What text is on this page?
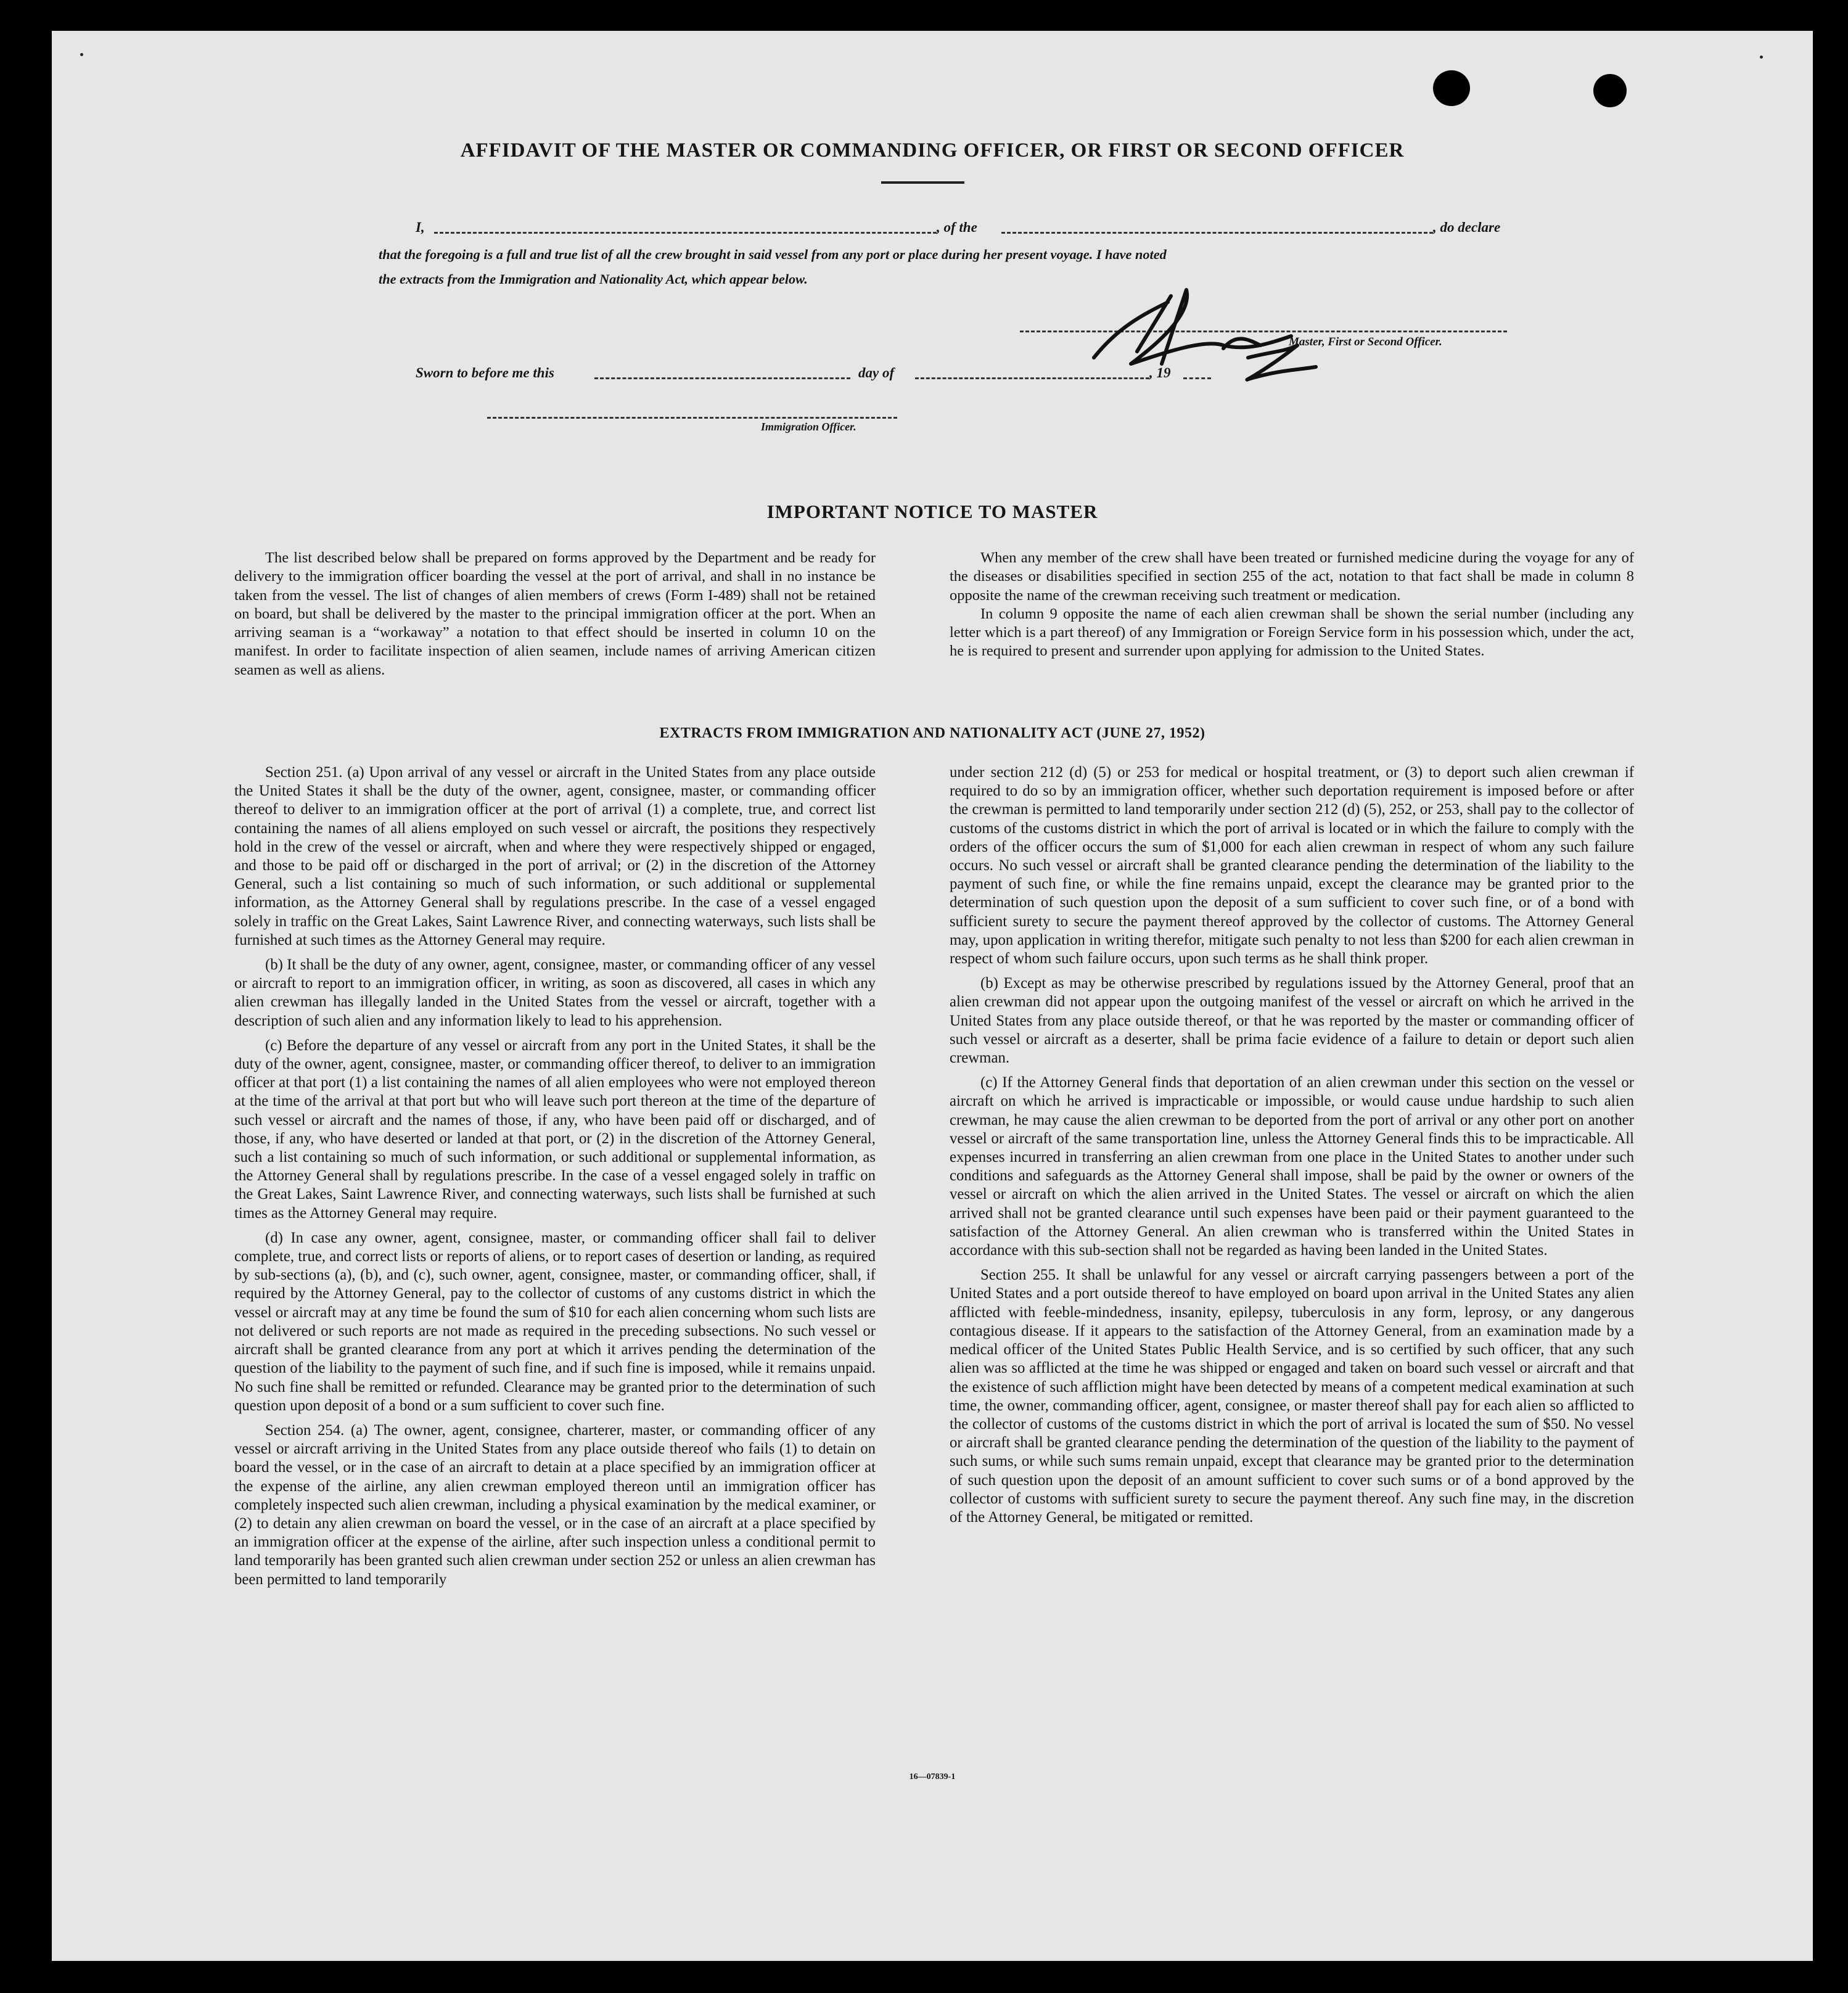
AFFIDAVIT OF THE MASTER OR COMMANDING OFFICER, OR FIRST OR SECOND OFFICER
I,	, of the	, do declare
that the foregoing is a full and true list of all the crew brought in said vessel from any port or place during her present voyage. I have noted
the extracts from the Immigration and Nationality Act, which appear below.
Master, First or Second Officer.
Sworn to before me this	day of	, 19
Immigration Officer.
IMPORTANT NOTICE TO MASTER

The list described below shall be prepared on forms approved by the Department and be ready for delivery to the immigration officer boarding the vessel at the port of arrival, and shall in no instance be taken from the vessel. The list of changes of alien members of crews (Form I-489) shall not be retained on board, but shall be delivered by the master to the principal immigration officer at the port. When an arriving seaman is a “workaway” a notation to that effect should be inserted in column 10 on the manifest. In order to facilitate inspection of alien seamen, include names of arriving American citizen seamen as well as aliens.

When any member of the crew shall have been treated or furnished medicine during the voyage for any of the diseases or disabilities specified in section 255 of the act, notation to that fact shall be made in column 8 opposite the name of the crewman receiving such treatment or medication.

In column 9 opposite the name of each alien crewman shall be shown the serial number (including any letter which is a part thereof) of any Immigration or Foreign Service form in his possession which, under the act, he is required to present and surrender upon applying for admission to the United States.

EXTRACTS FROM IMMIGRATION AND NATIONALITY ACT (JUNE 27, 1952)

Section 251. (a) Upon arrival of any vessel or aircraft in the United States from any place outside the United States it shall be the duty of the owner, agent, consignee, master, or commanding officer thereof to deliver to an immigration officer at the port of arrival (1) a complete, true, and correct list containing the names of all aliens employed on such vessel or aircraft, the positions they respectively hold in the crew of the vessel or aircraft, when and where they were respectively shipped or engaged, and those to be paid off or discharged in the port of arrival; or (2) in the discretion of the Attorney General, such a list containing so much of such information, or such additional or supplemental information, as the Attorney General shall by regulations prescribe. In the case of a vessel engaged solely in traffic on the Great Lakes, Saint Lawrence River, and connecting waterways, such lists shall be furnished at such times as the Attorney General may require.

(b) It shall be the duty of any owner, agent, consignee, master, or commanding officer of any vessel or aircraft to report to an immigration officer, in writing, as soon as discovered, all cases in which any alien crewman has illegally landed in the United States from the vessel or aircraft, together with a description of such alien and any information likely to lead to his apprehension.

(c) Before the departure of any vessel or aircraft from any port in the United States, it shall be the duty of the owner, agent, consignee, master, or commanding officer thereof, to deliver to an immigration officer at that port (1) a list containing the names of all alien employees who were not employed thereon at the time of the arrival at that port but who will leave such port thereon at the time of the departure of such vessel or aircraft and the names of those, if any, who have been paid off or discharged, and of those, if any, who have deserted or landed at that port, or (2) in the discretion of the Attorney General, such a list containing so much of such information, or such additional or supplemental information, as the Attorney General shall by regulations prescribe. In the case of a vessel engaged solely in traffic on the Great Lakes, Saint Lawrence River, and connecting waterways, such lists shall be furnished at such times as the Attorney General may require.

(d) In case any owner, agent, consignee, master, or commanding officer shall fail to deliver complete, true, and correct lists or reports of aliens, or to report cases of desertion or landing, as required by sub-sections (a), (b), and (c), such owner, agent, consignee, master, or commanding officer, shall, if required by the Attorney General, pay to the collector of customs of any customs district in which the vessel or aircraft may at any time be found the sum of $10 for each alien concerning whom such lists are not delivered or such reports are not made as required in the preceding subsections. No such vessel or aircraft shall be granted clearance from any port at which it arrives pending the determination of the question of the liability to the payment of such fine, and if such fine is imposed, while it remains unpaid. No such fine shall be remitted or refunded. Clearance may be granted prior to the determination of such question upon deposit of a bond or a sum sufficient to cover such fine.

Section 254. (a) The owner, agent, consignee, charterer, master, or commanding officer of any vessel or aircraft arriving in the United States from any place outside thereof who fails (1) to detain on board the vessel, or in the case of an aircraft to detain at a place specified by an immigration officer at the expense of the airline, any alien crewman employed thereon until an immigration officer has completely inspected such alien crewman, including a physical examination by the medical examiner, or (2) to detain any alien crewman on board the vessel, or in the case of an aircraft at a place specified by an immigration officer at the expense of the airline, after such inspection unless a conditional permit to land temporarily has been granted such alien crewman under section 252 or unless an alien crewman has been permitted to land temporarily

under section 212 (d) (5) or 253 for medical or hospital treatment, or (3) to deport such alien crewman if required to do so by an immigration officer, whether such deportation requirement is imposed before or after the crewman is permitted to land temporarily under section 212 (d) (5), 252, or 253, shall pay to the collector of customs of the customs district in which the port of arrival is located or in which the failure to comply with the orders of the officer occurs the sum of $1,000 for each alien crewman in respect of whom any such failure occurs. No such vessel or aircraft shall be granted clearance pending the determination of the liability to the payment of such fine, or while the fine remains unpaid, except the clearance may be granted prior to the determination of such question upon the deposit of a sum sufficient to cover such fine, or of a bond with sufficient surety to secure the payment thereof approved by the collector of customs. The Attorney General may, upon application in writing therefor, mitigate such penalty to not less than $200 for each alien crewman in respect of whom such failure occurs, upon such terms as he shall think proper.

(b) Except as may be otherwise prescribed by regulations issued by the Attorney General, proof that an alien crewman did not appear upon the outgoing manifest of the vessel or aircraft on which he arrived in the United States from any place outside thereof, or that he was reported by the master or commanding officer of such vessel or aircraft as a deserter, shall be prima facie evidence of a failure to detain or deport such alien crewman.

(c) If the Attorney General finds that deportation of an alien crewman under this section on the vessel or aircraft on which he arrived is impracticable or impossible, or would cause undue hardship to such alien crewman, he may cause the alien crewman to be deported from the port of arrival or any other port on another vessel or aircraft of the same transportation line, unless the Attorney General finds this to be impracticable. All expenses incurred in transferring an alien crewman from one place in the United States to another under such conditions and safeguards as the Attorney General shall impose, shall be paid by the owner or owners of the vessel or aircraft on which the alien arrived in the United States. The vessel or aircraft on which the alien arrived shall not be granted clearance until such expenses have been paid or their payment guaranteed to the satisfaction of the Attorney General. An alien crewman who is transferred within the United States in accordance with this sub-section shall not be regarded as having been landed in the United States.

Section 255. It shall be unlawful for any vessel or aircraft carrying passengers between a port of the United States and a port outside thereof to have employed on board upon arrival in the United States any alien afflicted with feeble-mindedness, insanity, epilepsy, tuberculosis in any form, leprosy, or any dangerous contagious disease. If it appears to the satisfaction of the Attorney General, from an examination made by a medical officer of the United States Public Health Service, and is so certified by such officer, that any such alien was so afflicted at the time he was shipped or engaged and taken on board such vessel or aircraft and that the existence of such affliction might have been detected by means of a competent medical examination at such time, the owner, commanding officer, agent, consignee, or master thereof shall pay for each alien so afflicted to the collector of customs of the customs district in which the port of arrival is located the sum of $50. No vessel or aircraft shall be granted clearance pending the determination of the question of the liability to the payment of such sums, or while such sums remain unpaid, except that clearance may be granted prior to the determination of such question upon the deposit of an amount sufficient to cover such sums or of a bond approved by the collector of customs with sufficient surety to secure the payment thereof. Any such fine may, in the discretion of the Attorney General, be mitigated or remitted.

16—07839-1
